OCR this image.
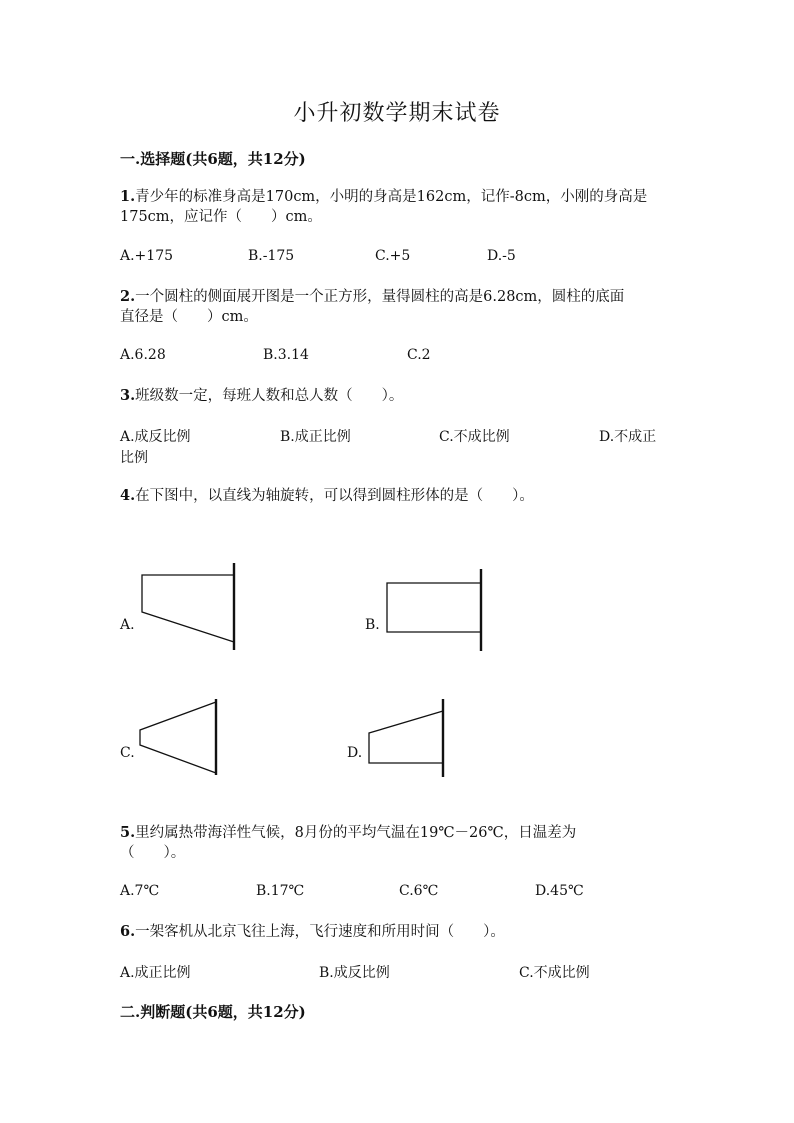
小升初数学期末试卷
一.选择题(共6题，共12分)
1.青少年的标准身高是170cm，小明的身高是162cm，记作-8cm，小刚的身高是
175cm，应记作（　　）cm。
A.+175	B.-175	C.+5	D.-5
2.一个圆柱的侧面展开图是一个正方形，量得圆柱的高是6.28cm，圆柱的底面
直径是（　　）cm。
A.6.28	B.3.14	C.2
3.班级数一定，每班人数和总人数（　　）。
A.成反比例	B.成正比例	C.不成比例	D.不成正
比例
4.在下图中，以直线为轴旋转，可以得到圆柱形体的是（　　）。
A.	B.
C.	D.
5.里约属热带海洋性气候，8月份的平均气温在19℃－26℃，日温差为
（　　）。
A.7℃	B.17℃	C.6℃	D.45℃
6.一架客机从北京飞往上海，飞行速度和所用时间（　　）。
A.成正比例	B.成反比例	C.不成比例
二.判断题(共6题，共12分)
